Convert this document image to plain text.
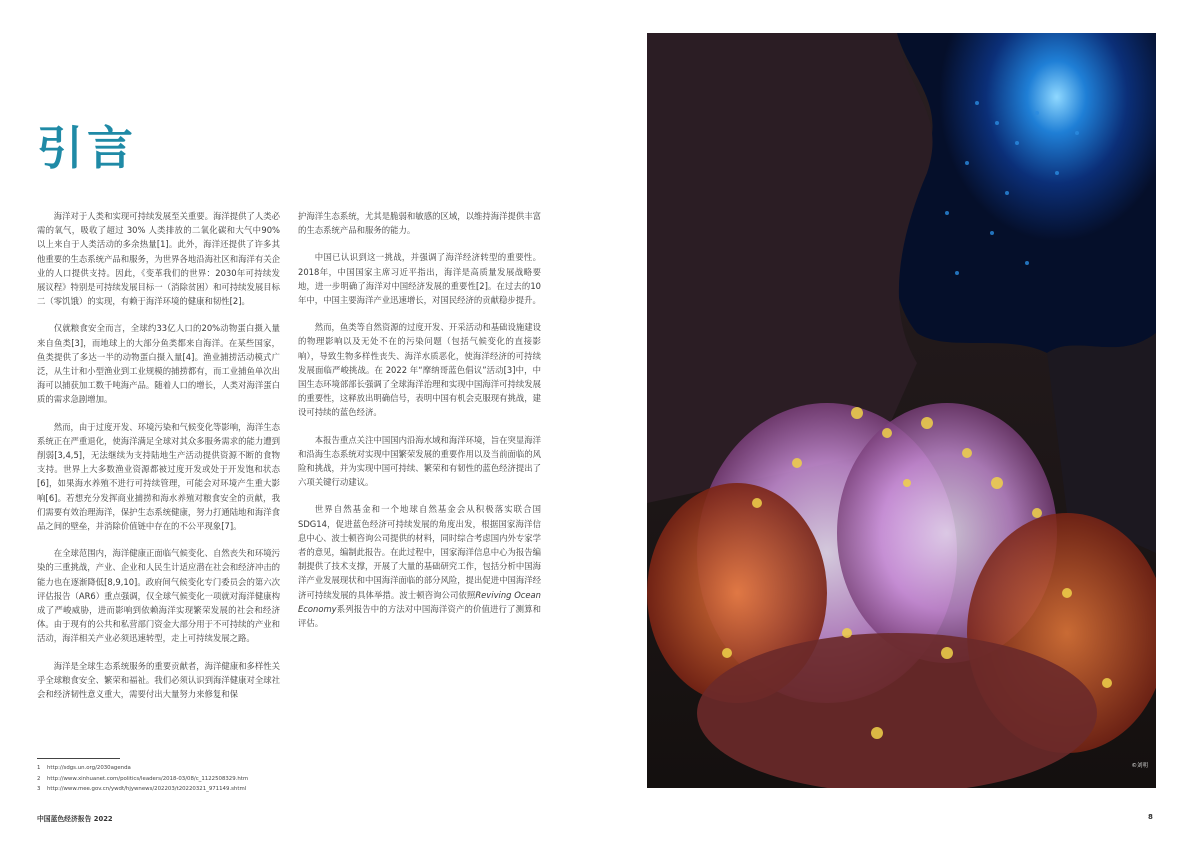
引言

海洋对于人类和实现可持续发展至关重要。海洋提供了人类必需的氧气，吸收了超过 30% 人类排放的二氧化碳和大气中90%以上来自于人类活动的多余热量[1]。此外，海洋还提供了许多其他重要的生态系统产品和服务，为世界各地沿海社区和海洋有关企业的人口提供支持。因此，《变革我们的世界：2030年可持续发展议程》特别是可持续发展目标一（消除贫困）和可持续发展目标二（零饥饿）的实现，有赖于海洋环境的健康和韧性[2]。

仅就粮食安全而言，全球约33亿人口的20%动物蛋白摄入量来自鱼类[3]，而地球上的大部分鱼类都来自海洋。在某些国家，鱼类提供了多达一半的动物蛋白摄入量[4]。渔业捕捞活动模式广泛，从生计和小型渔业到工业规模的捕捞都有，而工业捕鱼单次出海可以捕获加工数千吨海产品。随着人口的增长，人类对海洋蛋白质的需求急剧增加。

然而，由于过度开发、环境污染和气候变化等影响，海洋生态系统正在严重退化，使海洋满足全球对其众多服务需求的能力遭到削弱[3,4,5]，无法继续为支持陆地生产活动提供资源不断的食物支持。世界上大多数渔业资源都被过度开发或处于开发饱和状态[6]，如果海水养殖不进行可持续管理，可能会对环境产生重大影响[6]。若想充分发挥商业捕捞和海水养殖对粮食安全的贡献，我们需要有效治理海洋，保护生态系统健康，努力打通陆地和海洋食品之间的壁垒，并消除价值链中存在的不公平现象[7]。

在全球范围内，海洋健康正面临气候变化、自然丧失和环境污染的三重挑战，产业、企业和人民生计适应潜在社会和经济冲击的能力也在逐渐降低[8,9,10]。政府间气候变化专门委员会的第六次评估报告（AR6）重点强调，仅全球气候变化一项就对海洋健康构成了严峻威胁，进而影响到依赖海洋实现繁荣发展的社会和经济体。由于现有的公共和私营部门资金大部分用于不可持续的产业和活动，海洋相关产业必须迅速转型，走上可持续发展之路。

海洋是全球生态系统服务的重要贡献者，海洋健康和多样性关乎全球粮食安全、繁荣和福祉。我们必须认识到海洋健康对全球社会和经济韧性意义重大，需要付出大量努力来修复和保

护海洋生态系统，尤其是脆弱和敏感的区域，以维持海洋提供丰富的生态系统产品和服务的能力。

中国已认识到这一挑战，并强调了海洋经济转型的重要性。2018年，中国国家主席习近平指出，海洋是高质量发展战略要地，进一步明确了海洋对中国经济发展的重要性[2]。在过去的10年中，中国主要海洋产业迅速增长，对国民经济的贡献稳步提升。

然而，鱼类等自然资源的过度开发、开采活动和基础设施建设的物理影响以及无处不在的污染问题（包括气候变化的直接影响），导致生物多样性丧失、海洋水质恶化，使海洋经济的可持续发展面临严峻挑战。在 2022 年“摩纳哥蓝色倡议”活动[3]中，中国生态环境部部长强调了全球海洋治理和实现中国海洋可持续发展的重要性，这释放出明确信号，表明中国有机会克服现有挑战，建设可持续的蓝色经济。

本报告重点关注中国国内沿海水域和海洋环境，旨在突显海洋和沿海生态系统对实现中国繁荣发展的重要作用以及当前面临的风险和挑战，并为实现中国可持续、繁荣和有韧性的蓝色经济提出了六项关键行动建议。

世界自然基金和一个地球自然基金会从积极落实联合国SDG14，促进蓝色经济可持续发展的角度出发，根据国家海洋信息中心、波士顿咨询公司提供的材料，同时综合考虑国内外专家学者的意见，编制此报告。在此过程中，国家海洋信息中心为报告编制提供了技术支撑，开展了大量的基础研究工作，包括分析中国海洋产业发展现状和中国海洋面临的部分风险，提出促进中国海洋经济可持续发展的具体举措。波士顿咨询公司依照Reviving Ocean Economy系列报告中的方法对中国海洋资产的价值进行了测算和评估。

1	http://sdgs.un.org/2030agenda
2	http://www.xinhuanet.com/politics/leaders/2018-03/08/c_1122508329.htm
3	http://www.mee.gov.cn/ywdt/hjywnews/202203/t20220321_971149.shtml
中国蓝色经济报告 2022	8
©刘明
